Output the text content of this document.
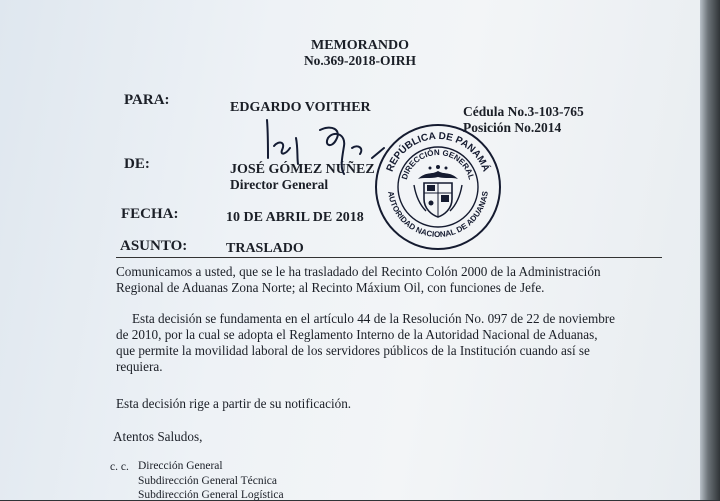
MEMORANDO
No.369-2018-OIRH
PARA:	EDGARDO VOITHER	Cédula No.3-103-765
Posición No.2014
DE:	JOSÉ GÓMEZ NÚÑEZ
Director General
FECHA:	10 DE ABRIL DE 2018
ASUNTO:	TRASLADO
Comunicamos a usted, que se le ha trasladado del Recinto Colón 2000 de la Administración
Regional de Aduanas Zona Norte; al Recinto Máxium Oil, con funciones de Jefe.
Esta decisión se fundamenta en el artículo 44 de la Resolución No. 097 de 22 de noviembre
de 2010, por la cual se adopta el Reglamento Interno de la Autoridad Nacional de Aduanas,
que permite la movilidad laboral de los servidores públicos de la Institución cuando así se
requiera.
Esta decisión rige a partir de su notificación.
Atentos Saludos,
c. c. Dirección General
Subdirección General Técnica
Subdirección General Logística
REPÚBLICA DE PANAMÁ
AUTORIDAD NACIONAL DE ADUANAS
DIRECCIÓN GENERAL
